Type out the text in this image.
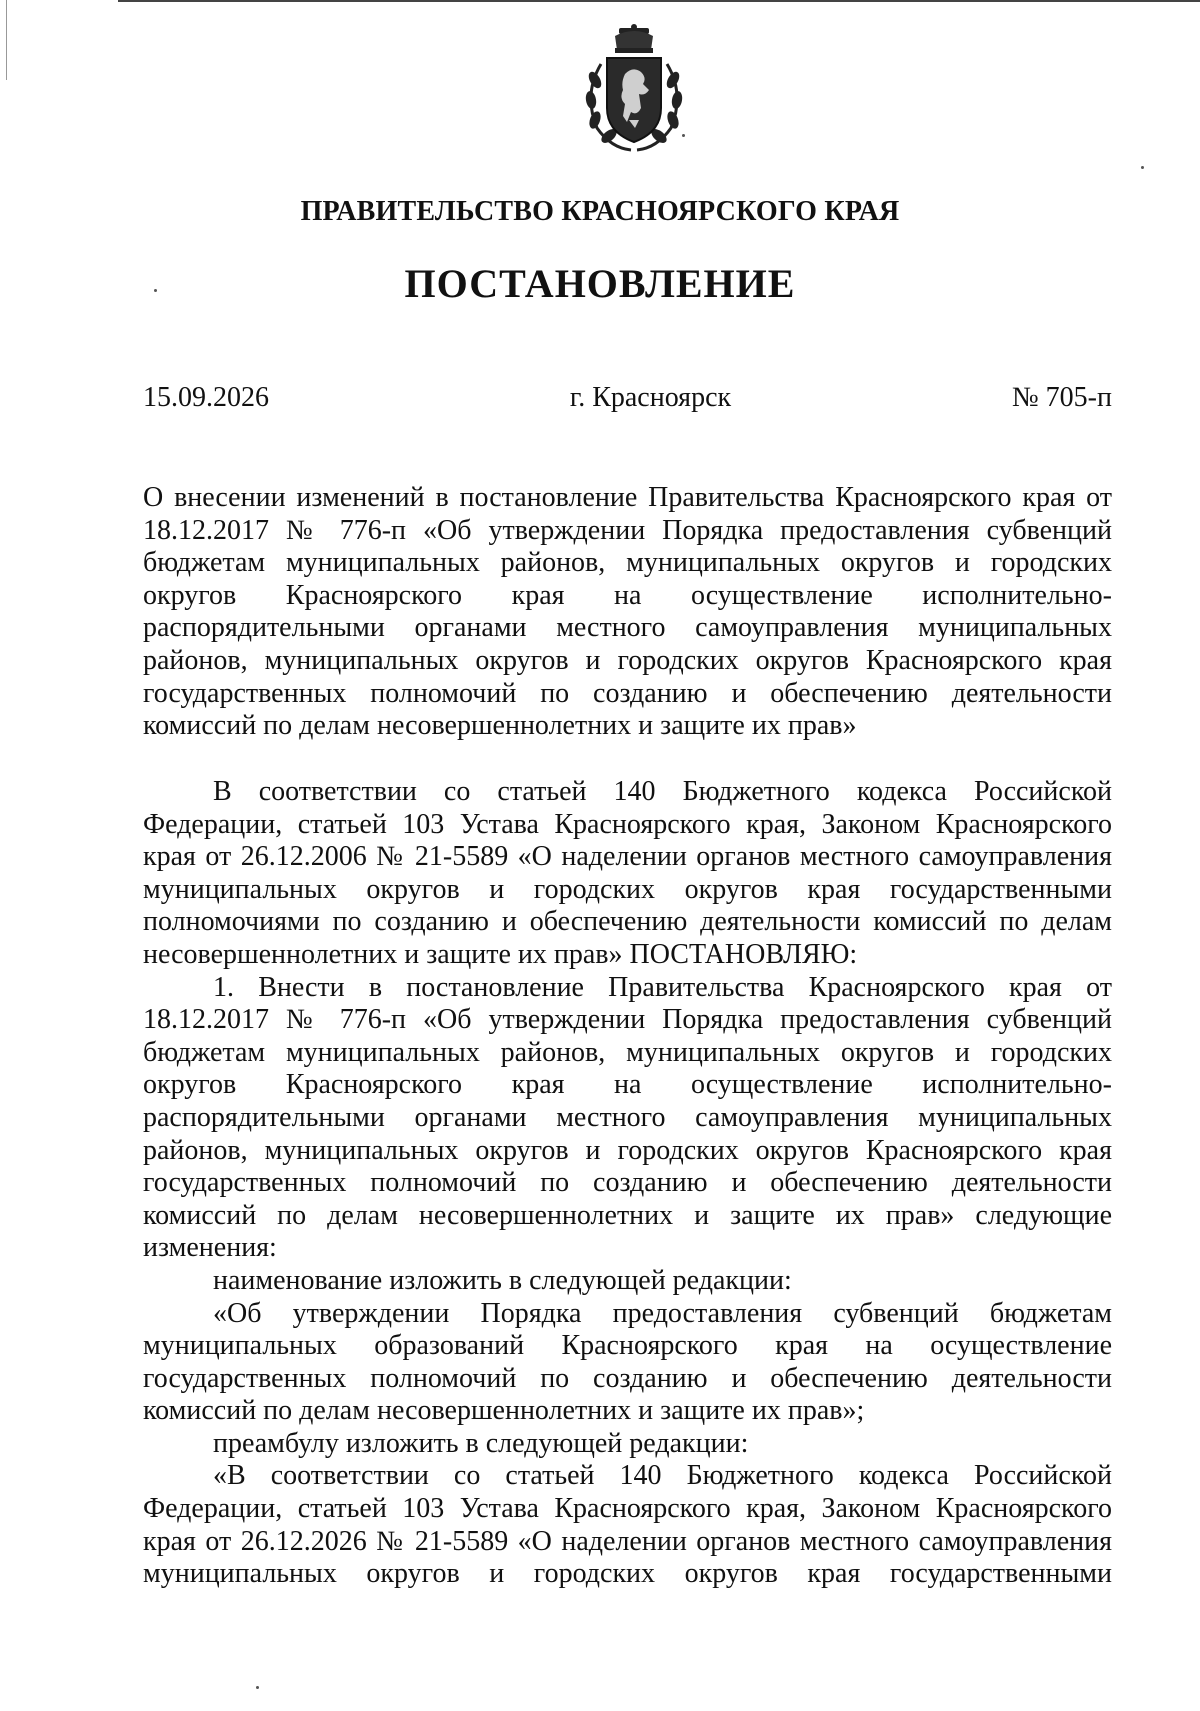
ПРАВИТЕЛЬСТВО КРАСНОЯРСКОГО КРАЯ
ПОСТАНОВЛЕНИЕ
15.09.2026	г. Красноярск	№ 705-п

О внесении изменений в постановление Правительства Красноярского края от 18.12.2017 № 776-п «Об утверждении Порядка предоставления субвенций бюджетам муниципальных районов, муниципальных округов и городских округов Красноярского края на осуществление исполнительно-распорядительными органами местного самоуправления муниципальных районов, муниципальных округов и городских округов Красноярского края государственных полномочий по созданию и обеспечению деятельности комиссий по делам несовершеннолетних и защите их прав»

В соответствии со статьей 140 Бюджетного кодекса Российской Федерации, статьей 103 Устава Красноярского края, Законом Красноярского края от 26.12.2006 № 21-5589 «О наделении органов местного самоуправления муниципальных округов и городских округов края государственными полномочиями по созданию и обеспечению деятельности комиссий по делам несовершеннолетних и защите их прав» ПОСТАНОВЛЯЮ:

1. Внести в постановление Правительства Красноярского края от 18.12.2017 № 776-п «Об утверждении Порядка предоставления субвенций бюджетам муниципальных районов, муниципальных округов и городских округов Красноярского края на осуществление исполнительно-распорядительными органами местного самоуправления муниципальных районов, муниципальных округов и городских округов Красноярского края государственных полномочий по созданию и обеспечению деятельности комиссий по делам несовершеннолетних и защите их прав» следующие изменения:

наименование изложить в следующей редакции:

«Об утверждении Порядка предоставления субвенций бюджетам муниципальных образований Красноярского края на осуществление государственных полномочий по созданию и обеспечению деятельности комиссий по делам несовершеннолетних и защите их прав»;

преамбулу изложить в следующей редакции:

«В соответствии со статьей 140 Бюджетного кодекса Российской Федерации, статьей 103 Устава Красноярского края, Законом Красноярского края от 26.12.2026 № 21-5589 «О наделении органов местного самоуправления муниципальных округов и городских округов края государственными
